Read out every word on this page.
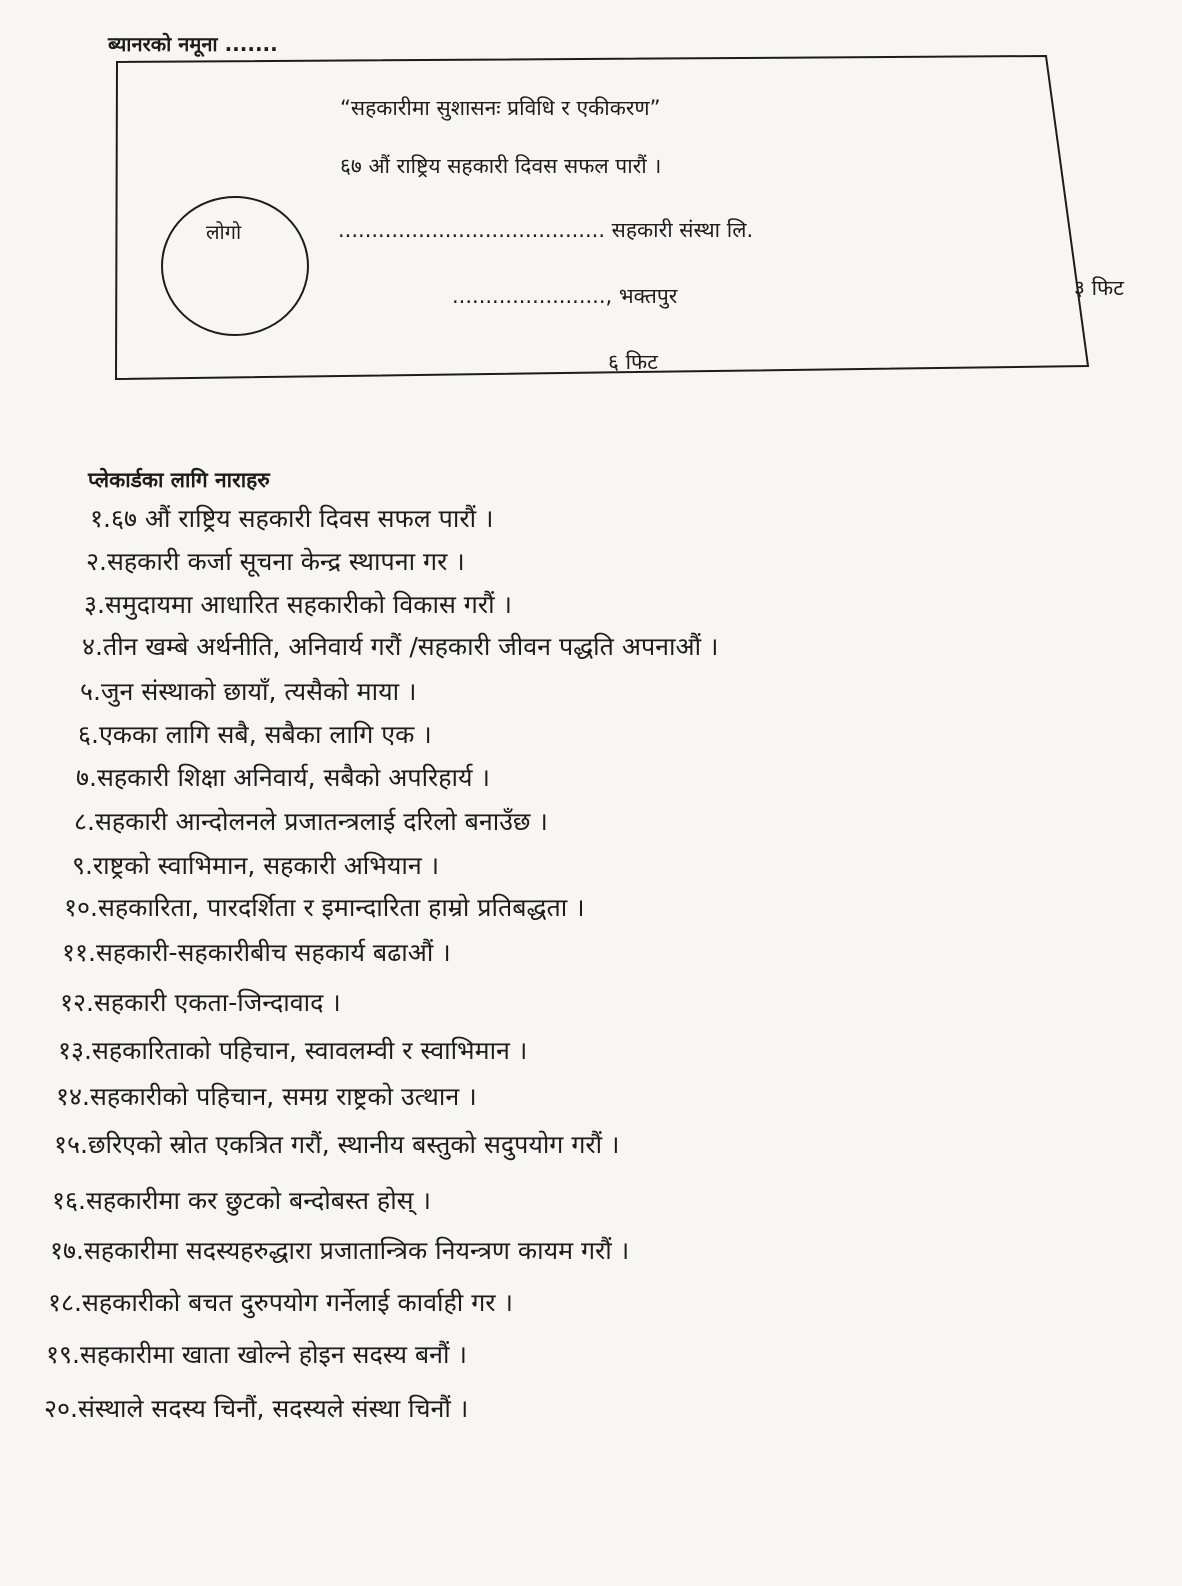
ब्यानरको नमूना .......
लोगो
“सहकारीमा सुशासनः प्रविधि र एकीकरण”
६७ औं राष्ट्रिय सहकारी दिवस सफल पारौं ।
........................................ सहकारी संस्था लि.
......................., भक्तपुर
६ फिट
३ फिट
प्लेकार्डका लागि नाराहरु
१.६७ औं राष्ट्रिय सहकारी दिवस सफल पारौं ।
२.सहकारी कर्जा सूचना केन्द्र स्थापना गर ।
३.समुदायमा आधारित सहकारीको विकास गरौं ।
४.तीन खम्बे अर्थनीति, अनिवार्य गरौं /सहकारी जीवन पद्धति अपनाऔं ।
५.जुन संस्थाको छायाँ, त्यसैको माया ।
६.एकका लागि सबै, सबैका लागि एक ।
७.सहकारी शिक्षा अनिवार्य, सबैको अपरिहार्य ।
८.सहकारी आन्दोलनले प्रजातन्त्रलाई दरिलो बनाउँछ ।
९.राष्ट्रको स्वाभिमान, सहकारी अभियान ।
१०.सहकारिता, पारदर्शिता र इमान्दारिता हाम्रो प्रतिबद्धता ।
११.सहकारी-सहकारीबीच सहकार्य बढाऔं ।
१२.सहकारी एकता-जिन्दावाद ।
१३.सहकारिताको पहिचान, स्वावलम्वी र स्वाभिमान ।
१४.सहकारीको पहिचान, समग्र राष्ट्रको उत्थान ।
१५.छरिएको स्रोत एकत्रित गरौं, स्थानीय बस्तुको सदुपयोग गरौं ।
१६.सहकारीमा कर छुटको बन्दोबस्त होस् ।
१७.सहकारीमा सदस्यहरुद्धारा प्रजातान्त्रिक नियन्त्रण कायम गरौं ।
१८.सहकारीको बचत दुरुपयोग गर्नेलाई कार्वाही गर ।
१९.सहकारीमा खाता खोल्ने होइन सदस्य बनौं ।
२०.संस्थाले सदस्य चिनौं, सदस्यले संस्था चिनौं ।
